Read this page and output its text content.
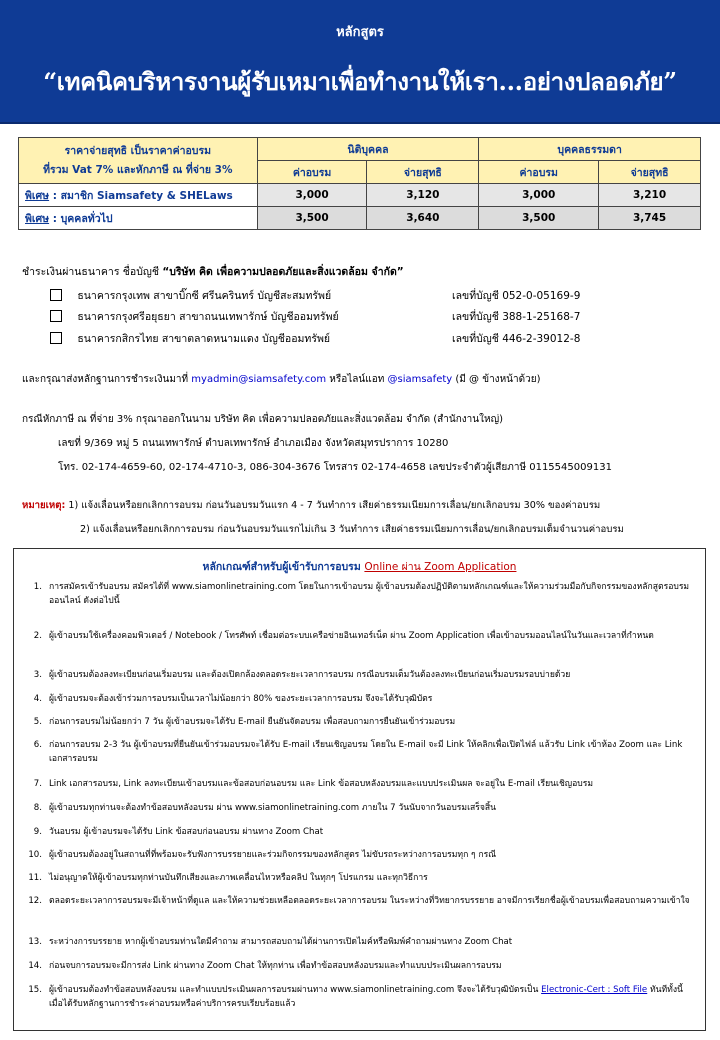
หลักสูตร
“เทคนิคบริหารงานผู้รับเหมาเพื่อทำงานให้เรา...อย่างปลอดภัย”
ราคาจ่ายสุทธิ เป็นราคาค่าอบรม
ที่รวม Vat 7% และหักภาษี ณ ที่จ่าย 3%	นิติบุคคล		บุคคลธรรมดา	
	ค่าอบรม	จ่ายสุทธิ	ค่าอบรม	จ่ายสุทธิ
พิเศษ : สมาชิก Siamsafety & SHELaws	3,000	3,120	3,000	3,210
พิเศษ : บุคคลทั่วไป	3,500	3,640	3,500	3,745
ชำระเงินผ่านธนาคาร ชื่อบัญชี “บริษัท คิด เพื่อความปลอดภัยและสิ่งแวดล้อม จำกัด”
ธนาคารกรุงเทพ สาขาบิ๊กซี ศรีนครินทร์ บัญชีสะสมทรัพย์	เลขที่บัญชี 052-0-05169-9
ธนาคารกรุงศรีอยุธยา สาขาถนนเทพารักษ์ บัญชีออมทรัพย์	เลขที่บัญชี 388-1-25168-7
ธนาคารกสิกรไทย สาขาตลาดหนามแดง บัญชีออมทรัพย์	เลขที่บัญชี 446-2-39012-8
และกรุณาส่งหลักฐานการชำระเงินมาที่ myadmin@siamsafety.com หรือไลน์แอท @siamsafety (มี @ ข้างหน้าด้วย)
กรณีหักภาษี ณ ที่จ่าย 3% กรุณาออกในนาม บริษัท คิด เพื่อความปลอดภัยและสิ่งแวดล้อม จำกัด (สำนักงานใหญ่)
เลขที่ 9/369 หมู่ 5 ถนนเทพารักษ์ ตำบลเทพารักษ์ อำเภอเมือง จังหวัดสมุทรปราการ 10280
โทร. 02-174-4659-60, 02-174-4710-3, 086-304-3676 โทรสาร 02-174-4658 เลขประจำตัวผู้เสียภาษี 0115545009131
หมายเหตุ: 1) แจ้งเลื่อนหรือยกเลิกการอบรม ก่อนวันอบรมวันแรก 4 - 7 วันทำการ เสียค่าธรรมเนียมการเลื่อน/ยกเลิกอบรม 30% ของค่าอบรม
2) แจ้งเลื่อนหรือยกเลิกการอบรม ก่อนวันอบรมวันแรกไม่เกิน 3 วันทำการ เสียค่าธรรมเนียมการเลื่อน/ยกเลิกอบรมเต็มจำนวนค่าอบรม
หลักเกณฑ์สำหรับผู้เข้ารับการอบรม Online ผ่าน Zoom Application
1. การสมัครเข้ารับอบรม สมัครได้ที่ www.siamonlinetraining.com โดยในการเข้าอบรม ผู้เข้าอบรมต้องปฏิบัติตามหลักเกณฑ์และให้ความร่วมมือกับกิจกรรมของหลักสูตรอบรมออนไลน์ ดังต่อไปนี้
2. ผู้เข้าอบรมใช้เครื่องคอมพิวเตอร์ / Notebook / โทรศัพท์ เชื่อมต่อระบบเครือข่ายอินเทอร์เน็ต ผ่าน Zoom Application เพื่อเข้าอบรมออนไลน์ในวันและเวลาที่กำหนด
3. ผู้เข้าอบรมต้องลงทะเบียนก่อนเริ่มอบรม และต้องเปิดกล้องตลอดระยะเวลาการอบรม กรณีอบรมเต็มวันต้องลงทะเบียนก่อนเริ่มอบรมรอบบ่ายด้วย
4. ผู้เข้าอบรมจะต้องเข้าร่วมการอบรมเป็นเวลาไม่น้อยกว่า 80% ของระยะเวลาการอบรม จึงจะได้รับวุฒิบัตร
5. ก่อนการอบรมไม่น้อยกว่า 7 วัน ผู้เข้าอบรมจะได้รับ E-mail ยืนยันจัดอบรม เพื่อสอบถามการยืนยันเข้าร่วมอบรม
6. ก่อนการอบรม 2-3 วัน ผู้เข้าอบรมที่ยืนยันเข้าร่วมอบรมจะได้รับ E-mail เรียนเชิญอบรม โดยใน E-mail จะมี Link ให้คลิกเพื่อเปิดไฟล์ แล้วรับ Link เข้าห้อง Zoom และ Link เอกสารอบรม
7. Link เอกสารอบรม, Link ลงทะเบียนเข้าอบรมและข้อสอบก่อนอบรม และ Link ข้อสอบหลังอบรมและแบบประเมินผล จะอยู่ใน E-mail เรียนเชิญอบรม
8. ผู้เข้าอบรมทุกท่านจะต้องทำข้อสอบหลังอบรม ผ่าน www.siamonlinetraining.com ภายใน 7 วันนับจากวันอบรมเสร็จสิ้น
9. วันอบรม ผู้เข้าอบรมจะได้รับ Link ข้อสอบก่อนอบรม ผ่านทาง Zoom Chat
10. ผู้เข้าอบรมต้องอยู่ในสถานที่ที่พร้อมจะรับฟังการบรรยายและร่วมกิจกรรมของหลักสูตร ไม่ขับรถระหว่างการอบรมทุก ๆ กรณี
11. ไม่อนุญาตให้ผู้เข้าอบรมทุกท่านบันทึกเสียงและภาพเคลื่อนไหวหรือคลิป ในทุกๆ โปรแกรม และทุกวิธีการ
12. ตลอดระยะเวลาการอบรมจะมีเจ้าหน้าที่ดูแล และให้ความช่วยเหลือตลอดระยะเวลาการอบรม ในระหว่างที่วิทยากรบรรยาย อาจมีการเรียกชื่อผู้เข้าอบรมเพื่อสอบถามความเข้าใจ
13. ระหว่างการบรรยาย หากผู้เข้าอบรมท่านใดมีคำถาม สามารถสอบถามได้ผ่านการเปิดไมค์หรือพิมพ์คำถามผ่านทาง Zoom Chat
14. ก่อนจบการอบรมจะมีการส่ง Link ผ่านทาง Zoom Chat ให้ทุกท่าน เพื่อทำข้อสอบหลังอบรมและทำแบบประเมินผลการอบรม
15. ผู้เข้าอบรมต้องทำข้อสอบหลังอบรม และทำแบบประเมินผลการอบรมผ่านทาง www.siamonlinetraining.com จึงจะได้รับวุฒิบัตรเป็น Electronic-Cert : Soft File ทันทีทั้งนี้ เมื่อได้รับหลักฐานการชำระค่าอบรมหรือค่าบริการครบเรียบร้อยแล้ว
